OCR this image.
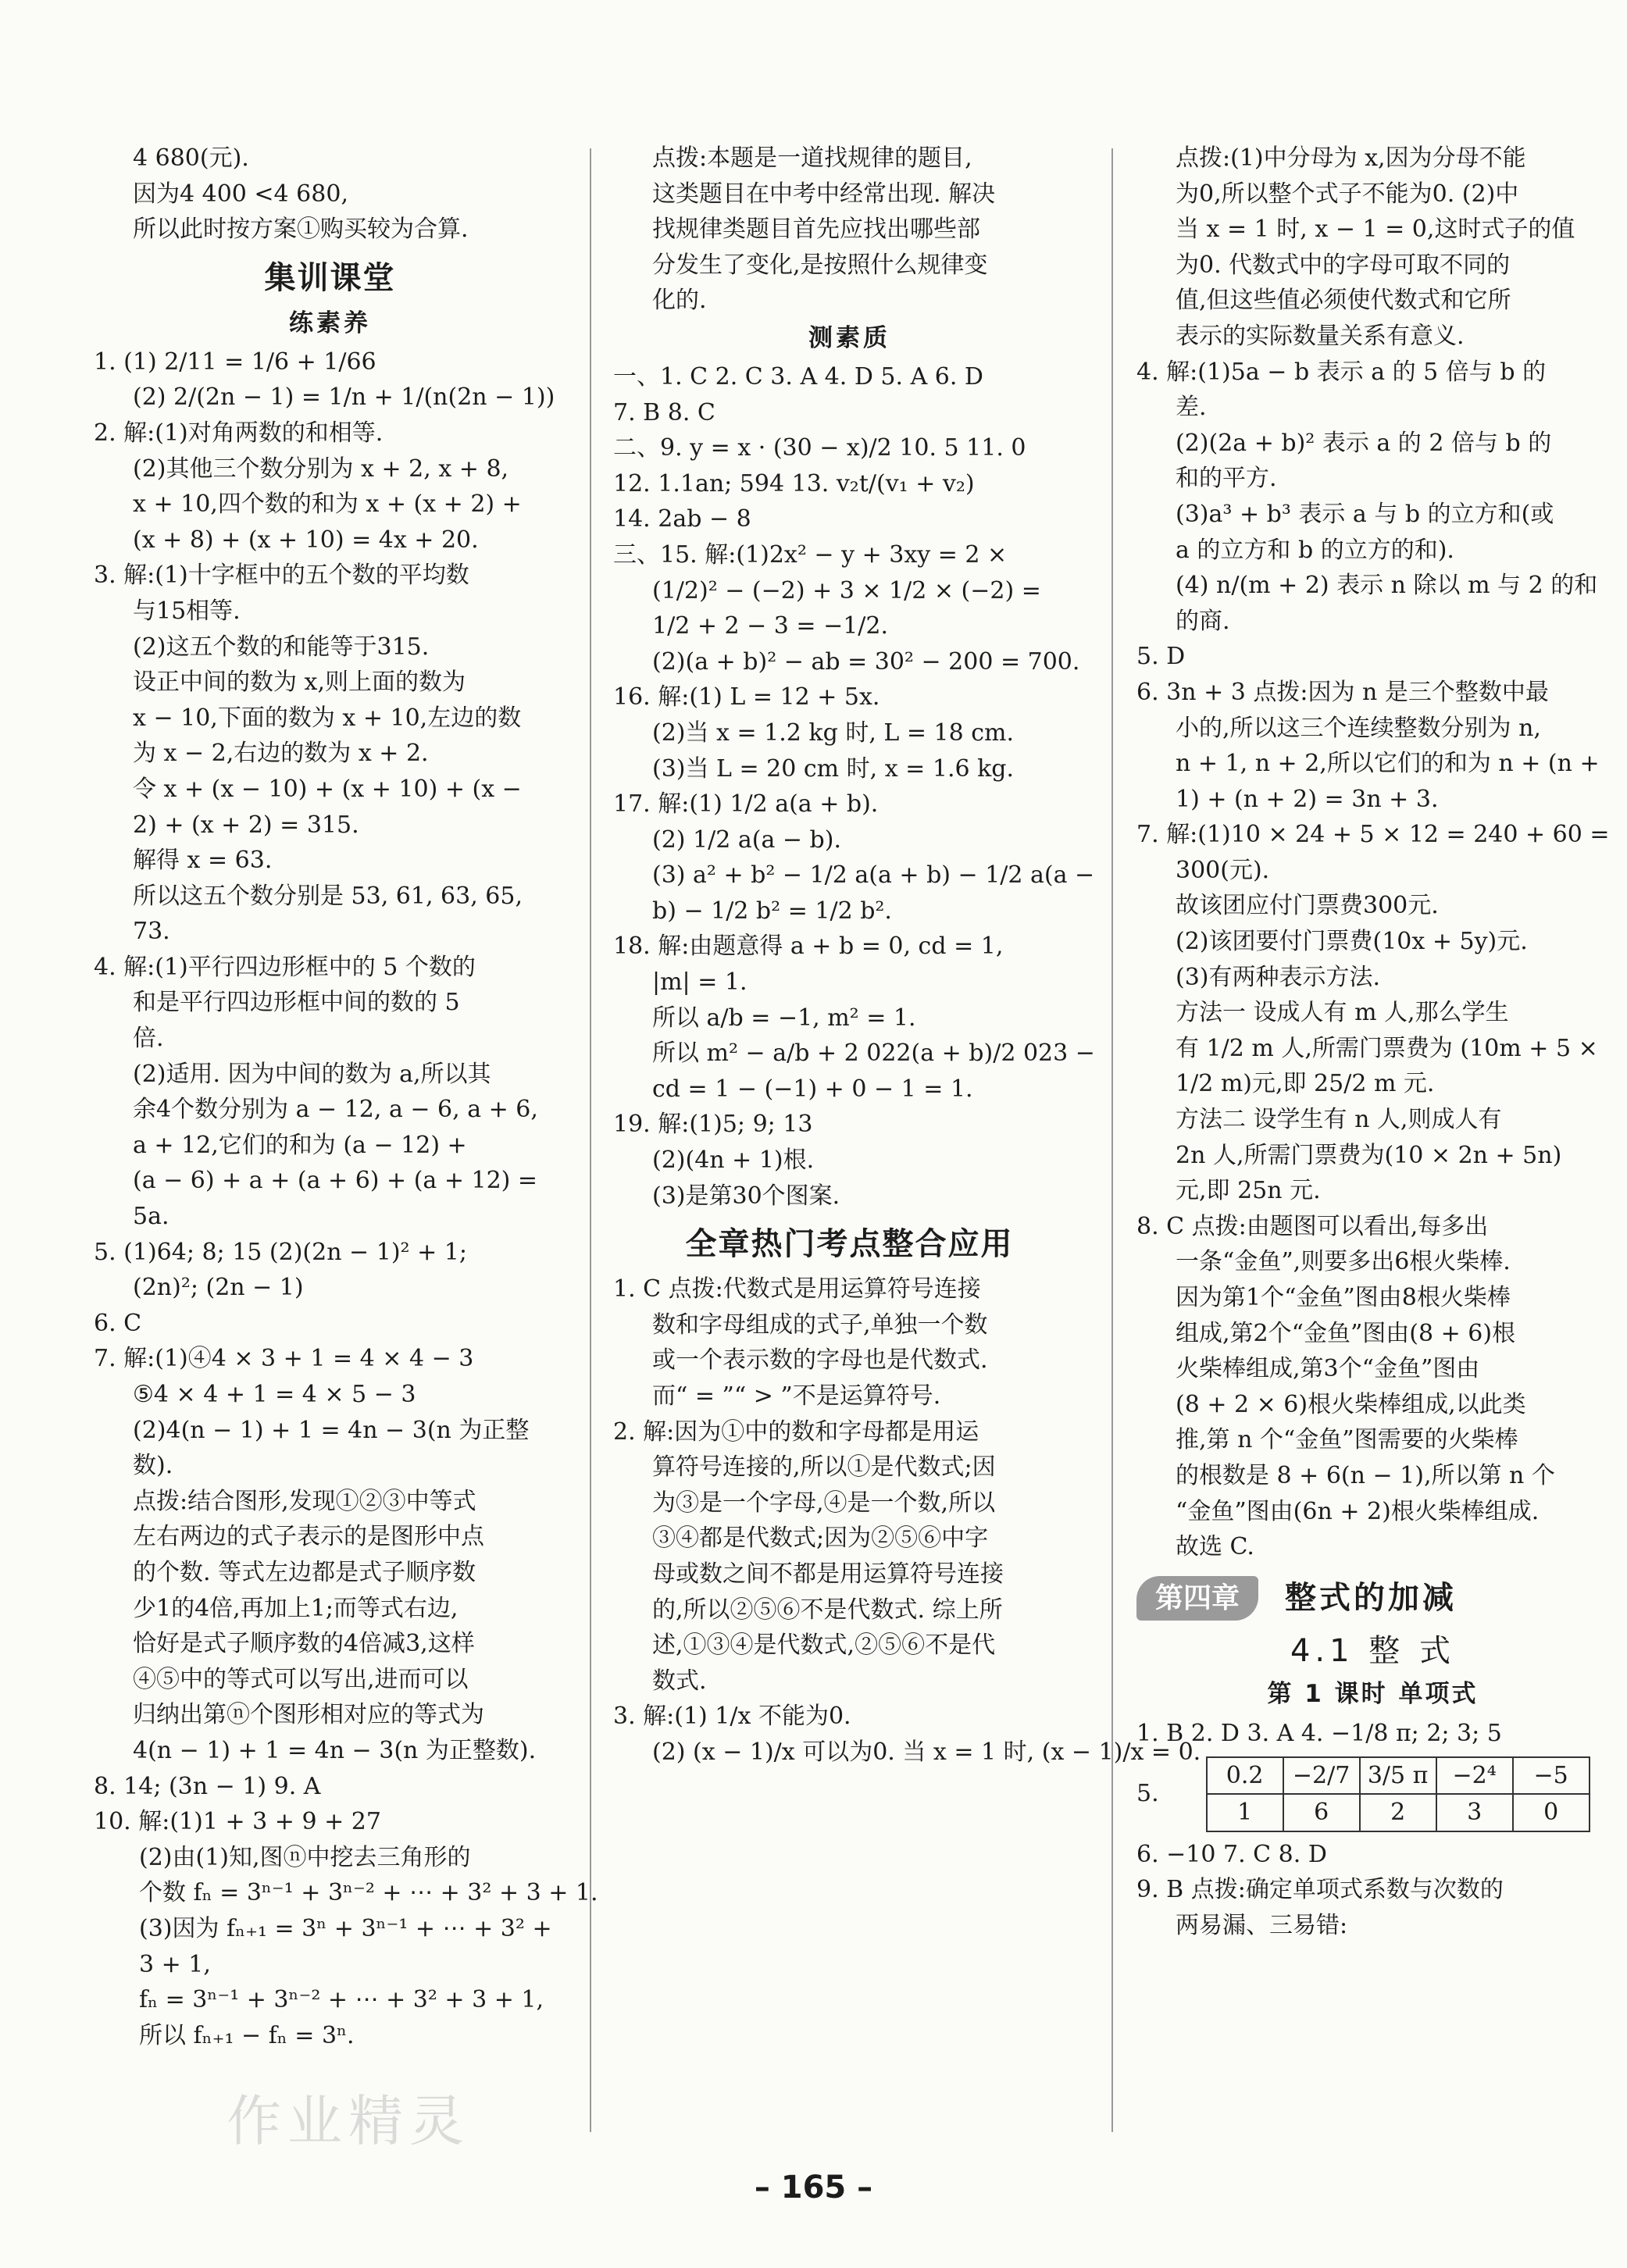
4 680(元).
因为4 400 <4 680,
所以此时按方案①购买较为合算.
集训课堂
练素养
1. (1) 2/11 = 1/6 + 1/66
(2) 2/(2n − 1) = 1/n + 1/(n(2n − 1))
2. 解:(1)对角两数的和相等.
(2)其他三个数分别为 x + 2, x + 8,
x + 10,四个数的和为 x + (x + 2) +
(x + 8) + (x + 10) = 4x + 20.
3. 解:(1)十字框中的五个数的平均数
与15相等.
(2)这五个数的和能等于315.
设正中间的数为 x,则上面的数为
x − 10,下面的数为 x + 10,左边的数
为 x − 2,右边的数为 x + 2.
令 x + (x − 10) + (x + 10) + (x −
2) + (x + 2) = 315.
解得 x = 63.
所以这五个数分别是 53, 61, 63, 65,
73.
4. 解:(1)平行四边形框中的 5 个数的
和是平行四边形框中间的数的 5
倍.
(2)适用. 因为中间的数为 a,所以其
余4个数分别为 a − 12, a − 6, a + 6,
a + 12,它们的和为 (a − 12) +
(a − 6) + a + (a + 6) + (a + 12) =
5a.
5. (1)64; 8; 15 (2)(2n − 1)² + 1;
(2n)²; (2n − 1)
6. C
7. 解:(1)④4 × 3 + 1 = 4 × 4 − 3
⑤4 × 4 + 1 = 4 × 5 − 3
(2)4(n − 1) + 1 = 4n − 3(n 为正整
数).
点拨:结合图形,发现①②③中等式
左右两边的式子表示的是图形中点
的个数. 等式左边都是式子顺序数
少1的4倍,再加上1;而等式右边,
恰好是式子顺序数的4倍减3,这样
④⑤中的等式可以写出,进而可以
归纳出第ⓝ个图形相对应的等式为
4(n − 1) + 1 = 4n − 3(n 为正整数).
8. 14; (3n − 1) 9. A
10. 解:(1)1 + 3 + 9 + 27
(2)由(1)知,图ⓝ中挖去三角形的
个数 fₙ = 3ⁿ⁻¹ + 3ⁿ⁻² + ⋯ + 3² + 3 + 1.
(3)因为 fₙ₊₁ = 3ⁿ + 3ⁿ⁻¹ + ⋯ + 3² +
3 + 1,
fₙ = 3ⁿ⁻¹ + 3ⁿ⁻² + ⋯ + 3² + 3 + 1,
所以 fₙ₊₁ − fₙ = 3ⁿ.
点拨:本题是一道找规律的题目,
这类题目在中考中经常出现. 解决
找规律类题目首先应找出哪些部
分发生了变化,是按照什么规律变
化的.
测素质
一、1. C 2. C 3. A 4. D 5. A 6. D
7. B 8. C
二、9. y = x · (30 − x)/2 10. 5 11. 0
12. 1.1an; 594 13. v₂t/(v₁ + v₂)
14. 2ab − 8
三、15. 解:(1)2x² − y + 3xy = 2 ×
(1/2)² − (−2) + 3 × 1/2 × (−2) =
1/2 + 2 − 3 = −1/2.
(2)(a + b)² − ab = 30² − 200 = 700.
16. 解:(1) L = 12 + 5x.
(2)当 x = 1.2 kg 时, L = 18 cm.
(3)当 L = 20 cm 时, x = 1.6 kg.
17. 解:(1) 1/2 a(a + b).
(2) 1/2 a(a − b).
(3) a² + b² − 1/2 a(a + b) − 1/2 a(a −
b) − 1/2 b² = 1/2 b².
18. 解:由题意得 a + b = 0, cd = 1,
|m| = 1.
所以 a/b = −1, m² = 1.
所以 m² − a/b + 2 022(a + b)/2 023 −
cd = 1 − (−1) + 0 − 1 = 1.
19. 解:(1)5; 9; 13
(2)(4n + 1)根.
(3)是第30个图案.
全章热门考点整合应用
1. C 点拨:代数式是用运算符号连接
数和字母组成的式子,单独一个数
或一个表示数的字母也是代数式.
而“ = ”“ > ”不是运算符号.
2. 解:因为①中的数和字母都是用运
算符号连接的,所以①是代数式;因
为③是一个字母,④是一个数,所以
③④都是代数式;因为②⑤⑥中字
母或数之间不都是用运算符号连接
的,所以②⑤⑥不是代数式. 综上所
述,①③④是代数式,②⑤⑥不是代
数式.
3. 解:(1) 1/x 不能为0.
(2) (x − 1)/x 可以为0. 当 x = 1 时, (x − 1)/x = 0.
点拨:(1)中分母为 x,因为分母不能
为0,所以整个式子不能为0. (2)中
当 x = 1 时, x − 1 = 0,这时式子的值
为0. 代数式中的字母可取不同的
值,但这些值必须使代数式和它所
表示的实际数量关系有意义.
4. 解:(1)5a − b 表示 a 的 5 倍与 b 的
差.
(2)(2a + b)² 表示 a 的 2 倍与 b 的
和的平方.
(3)a³ + b³ 表示 a 与 b 的立方和(或
a 的立方和 b 的立方的和).
(4) n/(m + 2) 表示 n 除以 m 与 2 的和
的商.
5. D
6. 3n + 3 点拨:因为 n 是三个整数中最
小的,所以这三个连续整数分别为 n,
n + 1, n + 2,所以它们的和为 n + (n +
1) + (n + 2) = 3n + 3.
7. 解:(1)10 × 24 + 5 × 12 = 240 + 60 =
300(元).
故该团应付门票费300元.
(2)该团要付门票费(10x + 5y)元.
(3)有两种表示方法.
方法一 设成人有 m 人,那么学生
有 1/2 m 人,所需门票费为 (10m + 5 ×
1/2 m)元,即 25/2 m 元.
方法二 设学生有 n 人,则成人有
2n 人,所需门票费为(10 × 2n + 5n)
元,即 25n 元.
8. C 点拨:由题图可以看出,每多出
一条“金鱼”,则要多出6根火柴棒.
因为第1个“金鱼”图由8根火柴棒
组成,第2个“金鱼”图由(8 + 6)根
火柴棒组成,第3个“金鱼”图由
(8 + 2 × 6)根火柴棒组成,以此类
推,第 n 个“金鱼”图需要的火柴棒
的根数是 8 + 6(n − 1),所以第 n 个
“金鱼”图由(6n + 2)根火柴棒组成.
故选 C.
第四章	整式的加减
4.1 整 式
第 1 课时 单项式
1. B 2. D 3. A 4. −1/8 π; 2; 3; 5
5.
0.2	−2/7	3/5 π	−2⁴	−5
1	6	2	3	0
6. −10 7. C 8. D
9. B 点拨:确定单项式系数与次数的
两易漏、三易错:
作业精灵
– 165 –
